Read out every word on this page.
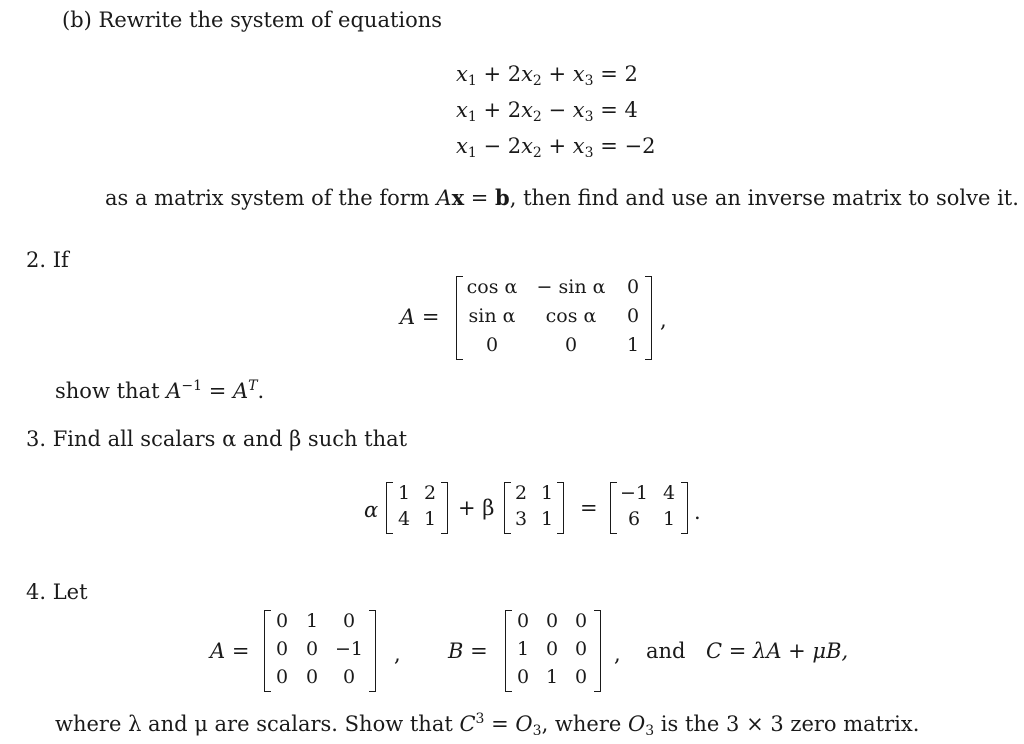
(b) Rewrite the system of equations
$x_1 + 2x_2 + x_3 = 2$
$x_1 + 2x_2 - x_3 = 4$
$x_1 - 2x_2 + x_3 = -2$
as a matrix system of the form Ax = b, then find and use an inverse matrix to solve it.
2. If
A =
cos α	− sin α	0
sin α	cos α	0
0	0	1
,
show that $A^{-1} = A^T$.
3. Find all scalars α and β such that
α
1 2
4 1 + β
2 1
3 1 =
−1 4
6	1 .
4. Let
A =
0 1	0
0 0 −1
0 0	0
, B =
0 0 0
1 0 0
0 1 0
, and C = λA + μB,
where λ and μ are scalars. Show that $C^3 = O_3$, where $O_3$ is the 3 × 3 zero matrix.
